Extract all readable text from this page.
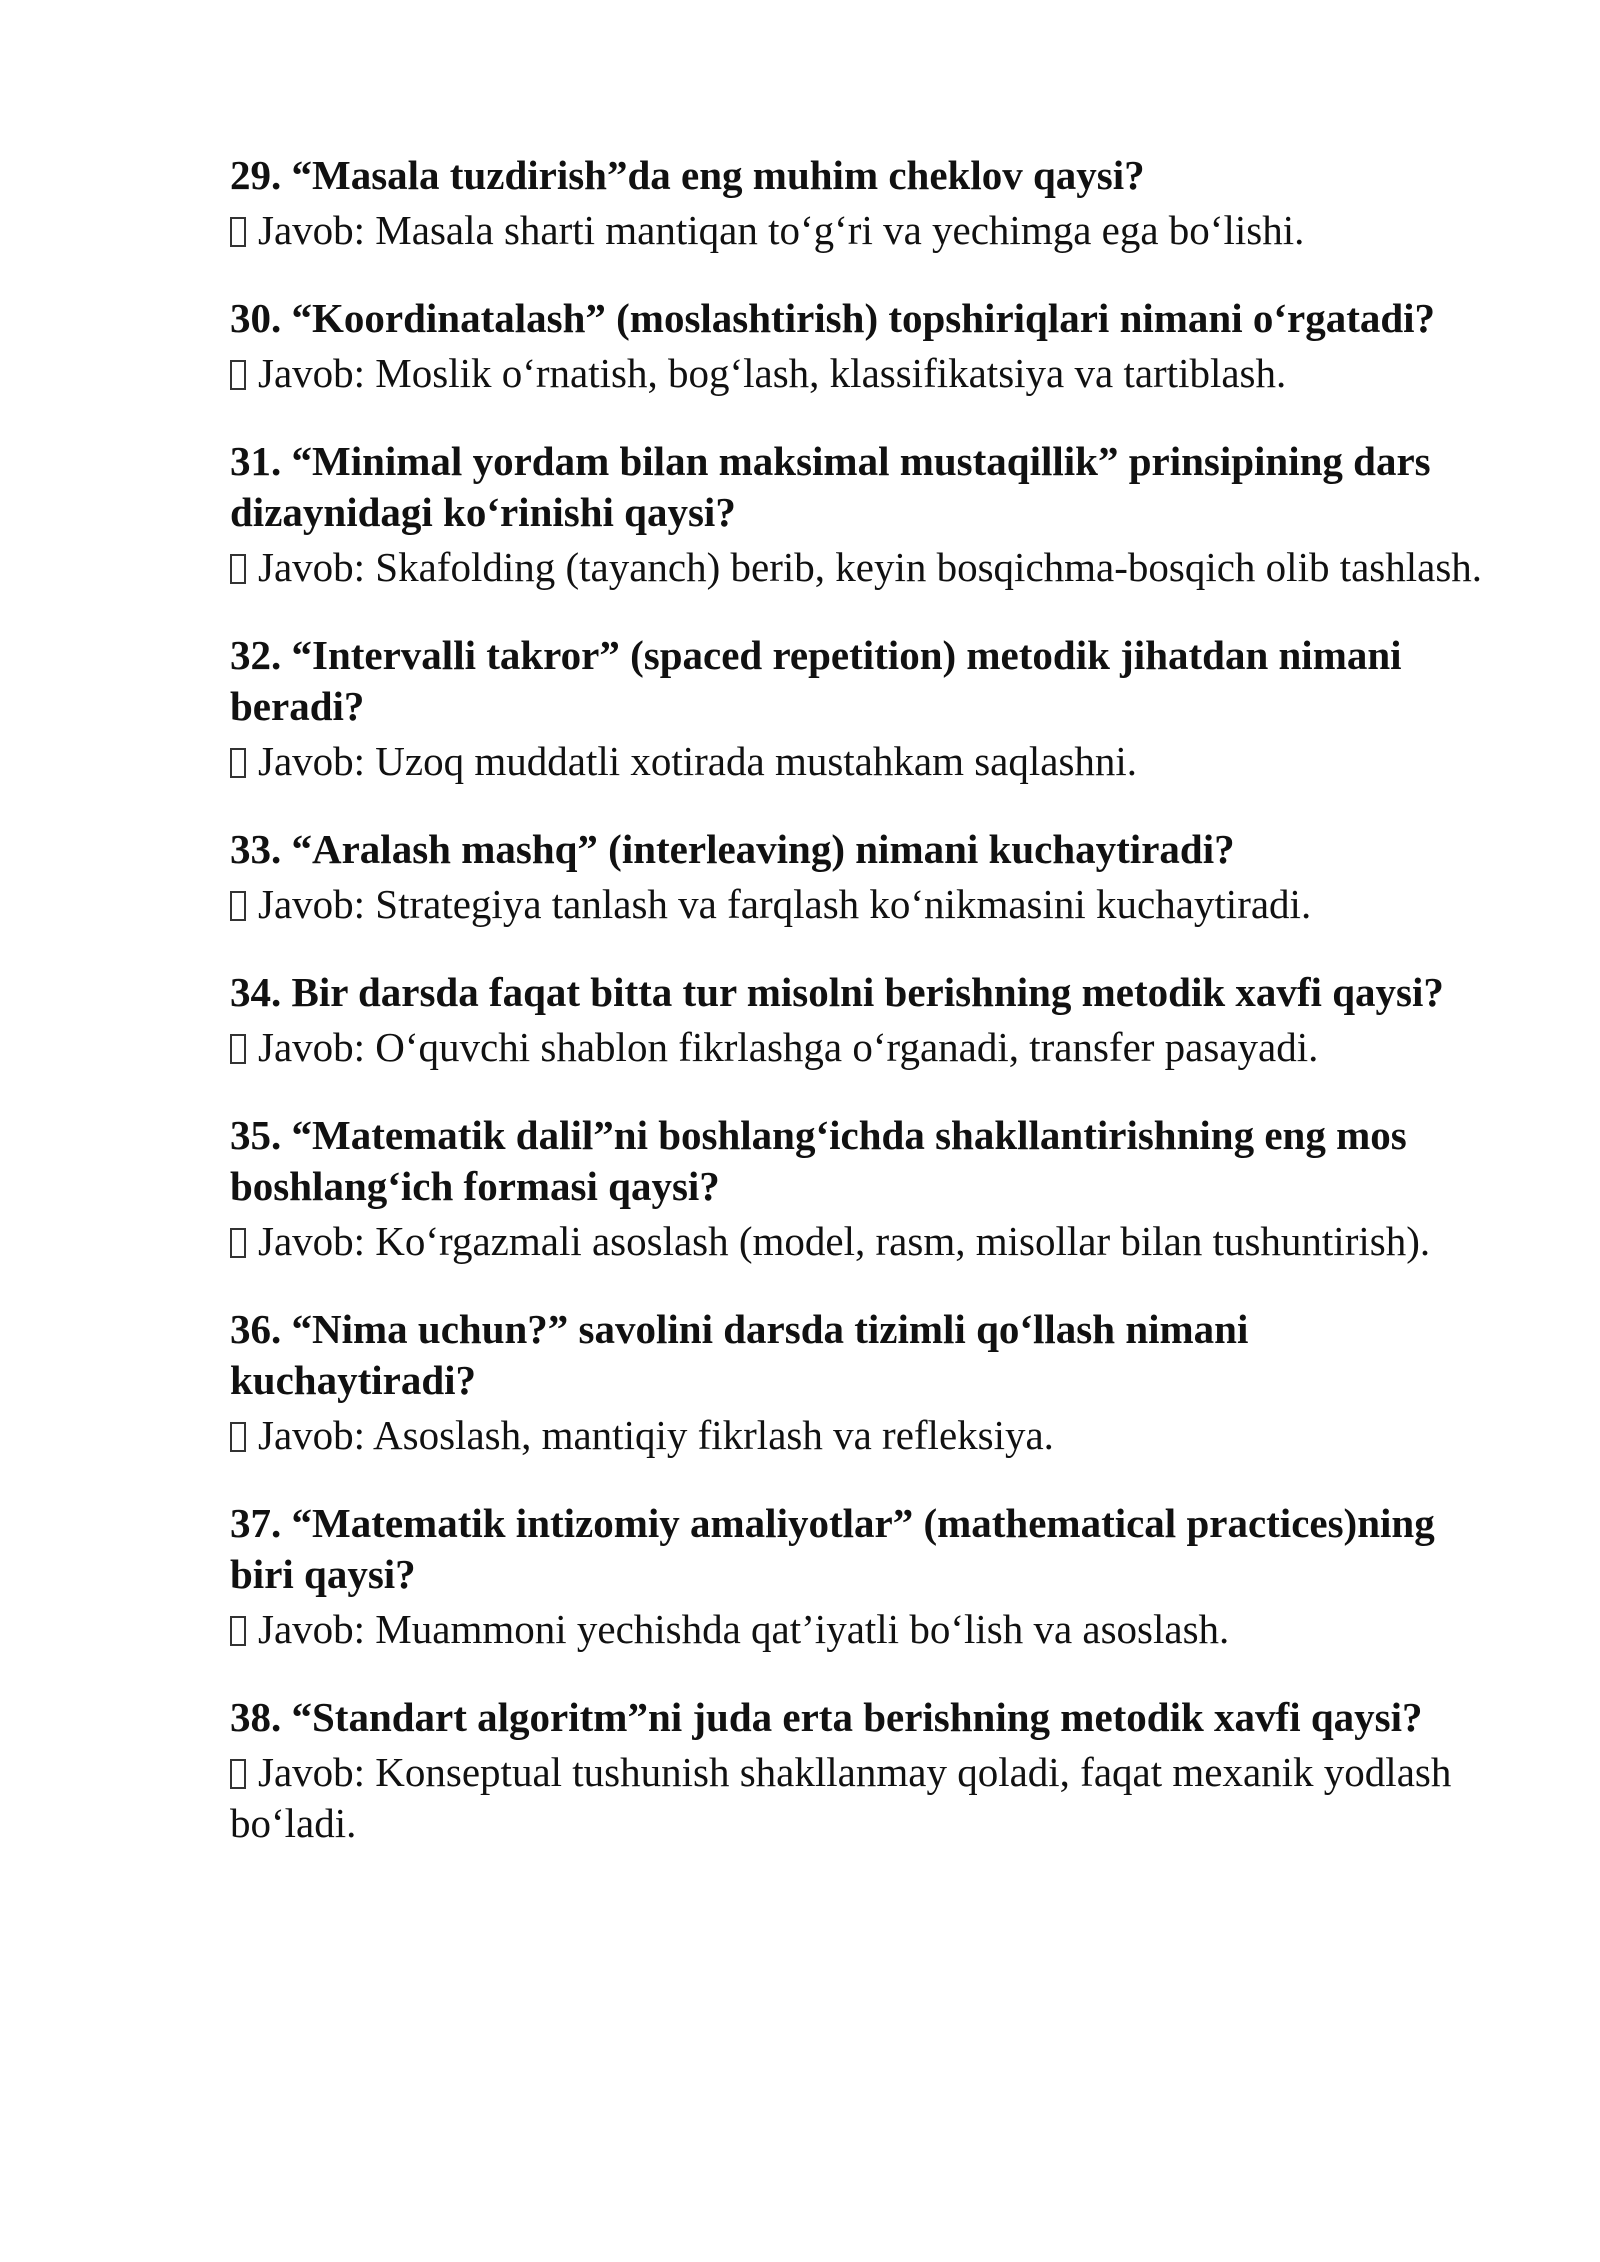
29. “Masala tuzdirish”da eng muhim cheklov qaysi?

Javob: Masala sharti mantiqan to‘g‘ri va yechimga ega bo‘lishi.

30. “Koordinatalash” (moslashtirish) topshiriqlari nimani o‘rgatadi?

Javob: Moslik o‘rnatish, bog‘lash, klassifikatsiya va tartiblash.

31. “Minimal yordam bilan maksimal mustaqillik” prinsipining dars dizaynidagi ko‘rinishi qaysi?

Javob: Skafolding (tayanch) berib, keyin bosqichma-bosqich olib tashlash.

32. “Intervalli takror” (spaced repetition) metodik jihatdan nimani beradi?

Javob: Uzoq muddatli xotirada mustahkam saqlashni.

33. “Aralash mashq” (interleaving) nimani kuchaytiradi?

Javob: Strategiya tanlash va farqlash ko‘nikmasini kuchaytiradi.

34. Bir darsda faqat bitta tur misolni berishning metodik xavfi qaysi?

Javob: O‘quvchi shablon fikrlashga o‘rganadi, transfer pasayadi.

35. “Matematik dalil”ni boshlang‘ichda shakllantirishning eng mos boshlang‘ich formasi qaysi?

Javob: Ko‘rgazmali asoslash (model, rasm, misollar bilan tushuntirish).

36. “Nima uchun?” savolini darsda tizimli qo‘llash nimani kuchaytiradi?

Javob: Asoslash, mantiqiy fikrlash va refleksiya.

37. “Matematik intizomiy amaliyotlar” (mathematical practices)ning biri qaysi?

Javob: Muammoni yechishda qat’iyatli bo‘lish va asoslash.

38. “Standart algoritm”ni juda erta berishning metodik xavfi qaysi?

Javob: Konseptual tushunish shakllanmay qoladi, faqat mexanik yodlash bo‘ladi.
